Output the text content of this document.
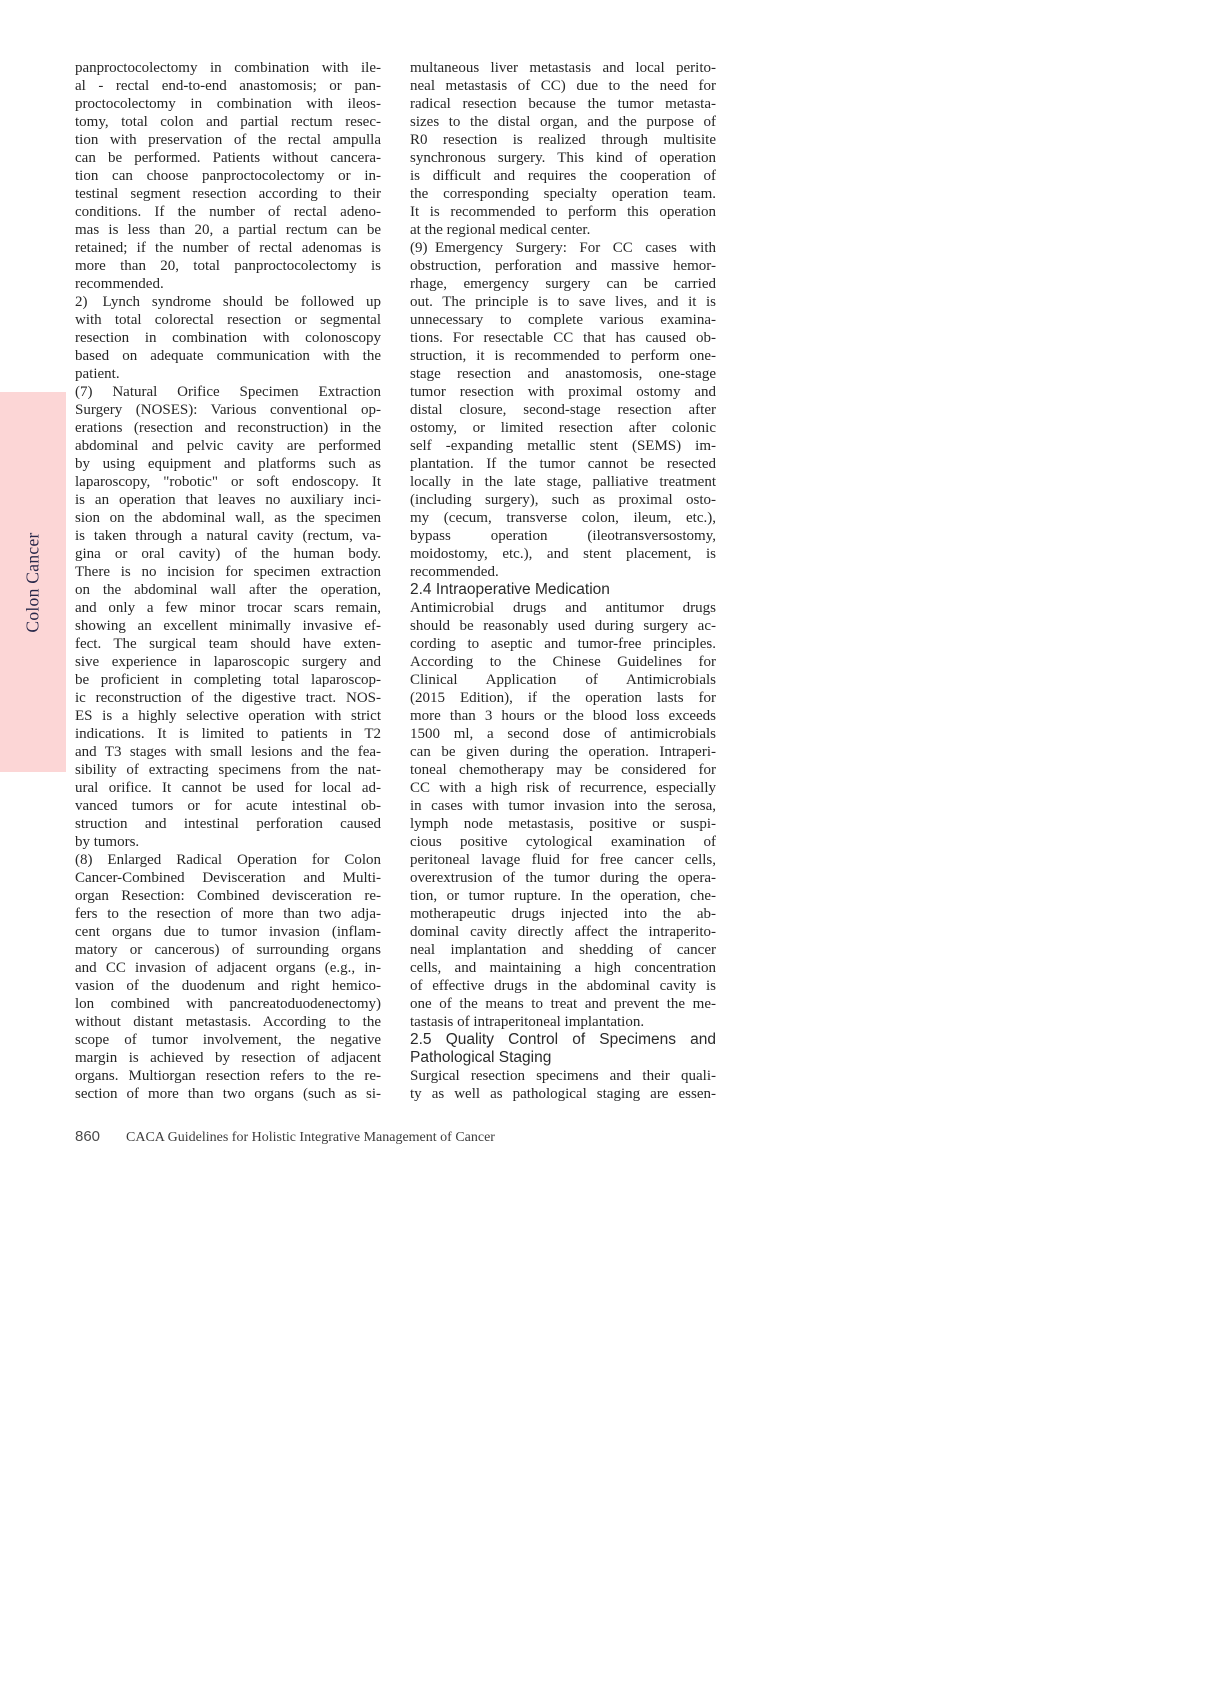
Colon Cancer
panproctocolectomy in combination with ile-
al - rectal end-to-end anastomosis; or pan-
proctocolectomy in combination with ileos-
tomy, total colon and partial rectum resec-
tion with preservation of the rectal ampulla
can be performed. Patients without cancera-
tion can choose panproctocolectomy or in-
testinal segment resection according to their
conditions. If the number of rectal adeno-
mas is less than 20, a partial rectum can be
retained; if the number of rectal adenomas is
more than 20, total panproctocolectomy is
recommended.
2) Lynch syndrome should be followed up
with total colorectal resection or segmental
resection in combination with colonoscopy
based on adequate communication with the
patient.
(7) Natural Orifice Specimen Extraction
Surgery (NOSES): Various conventional op-
erations (resection and reconstruction) in the
abdominal and pelvic cavity are performed
by using equipment and platforms such as
laparoscopy, "robotic" or soft endoscopy. It
is an operation that leaves no auxiliary inci-
sion on the abdominal wall, as the specimen
is taken through a natural cavity (rectum, va-
gina or oral cavity) of the human body.
There is no incision for specimen extraction
on the abdominal wall after the operation,
and only a few minor trocar scars remain,
showing an excellent minimally invasive ef-
fect. The surgical team should have exten-
sive experience in laparoscopic surgery and
be proficient in completing total laparoscop-
ic reconstruction of the digestive tract. NOS-
ES is a highly selective operation with strict
indications. It is limited to patients in T2
and T3 stages with small lesions and the fea-
sibility of extracting specimens from the nat-
ural orifice. It cannot be used for local ad-
vanced tumors or for acute intestinal ob-
struction and intestinal perforation caused
by tumors.
(8) Enlarged Radical Operation for Colon
Cancer-Combined Devisceration and Multi-
organ Resection: Combined devisceration re-
fers to the resection of more than two adja-
cent organs due to tumor invasion (inflam-
matory or cancerous) of surrounding organs
and CC invasion of adjacent organs (e.g., in-
vasion of the duodenum and right hemico-
lon combined with pancreatoduodenectomy)
without distant metastasis. According to the
scope of tumor involvement, the negative
margin is achieved by resection of adjacent
organs. Multiorgan resection refers to the re-
section of more than two organs (such as si-
multaneous liver metastasis and local perito-
neal metastasis of CC) due to the need for
radical resection because the tumor metasta-
sizes to the distal organ, and the purpose of
R0 resection is realized through multisite
synchronous surgery. This kind of operation
is difficult and requires the cooperation of
the corresponding specialty operation team.
It is recommended to perform this operation
at the regional medical center.
(9) Emergency Surgery: For CC cases with
obstruction, perforation and massive hemor-
rhage, emergency surgery can be carried
out. The principle is to save lives, and it is
unnecessary to complete various examina-
tions. For resectable CC that has caused ob-
struction, it is recommended to perform one-
stage resection and anastomosis, one-stage
tumor resection with proximal ostomy and
distal closure, second-stage resection after
ostomy, or limited resection after colonic
self -expanding metallic stent (SEMS) im-
plantation. If the tumor cannot be resected
locally in the late stage, palliative treatment
(including surgery), such as proximal osto-
my (cecum, transverse colon, ileum, etc.),
bypass operation (ileotransversostomy,
moidostomy, etc.), and stent placement, is
recommended.
2.4 Intraoperative Medication
Antimicrobial drugs and antitumor drugs
should be reasonably used during surgery ac-
cording to aseptic and tumor-free principles.
According to the Chinese Guidelines for
Clinical Application of Antimicrobials
(2015 Edition), if the operation lasts for
more than 3 hours or the blood loss exceeds
1500 ml, a second dose of antimicrobials
can be given during the operation. Intraperi-
toneal chemotherapy may be considered for
CC with a high risk of recurrence, especially
in cases with tumor invasion into the serosa,
lymph node metastasis, positive or suspi-
cious positive cytological examination of
peritoneal lavage fluid for free cancer cells,
overextrusion of the tumor during the opera-
tion, or tumor rupture. In the operation, che-
motherapeutic drugs injected into the ab-
dominal cavity directly affect the intraperito-
neal implantation and shedding of cancer
cells, and maintaining a high concentration
of effective drugs in the abdominal cavity is
one of the means to treat and prevent the me-
tastasis of intraperitoneal implantation.
2.5 Quality Control of Specimens and
Pathological Staging
Surgical resection specimens and their quali-
ty as well as pathological staging are essen-
860	CACA Guidelines for Holistic Integrative Management of Cancer
